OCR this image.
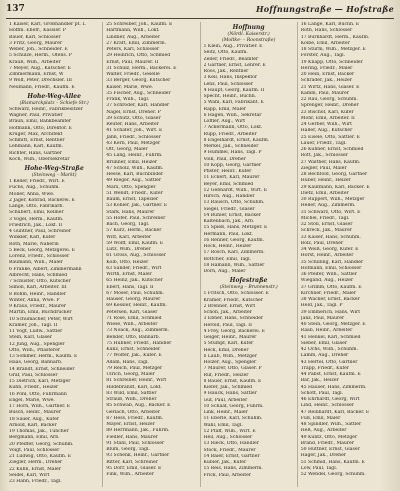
137	Hoffnungstraße — Hofstraße
1 Kaiser, Karl, Großhändler pt. L
Hoffm. Ehefr., Kassier. P
Bauer, Karl, Schlosser
3 Fritz, Georg, Maurer
Weber, Joh., Schneider. E
5 Schulze, Herm., Ofens. P
Krauß, Wilh., Arbeiter
7 Meyer, Aug., Kutscher. E
Zimmermann, Ernst, W
9 Wolf, Peter, Drechsler. III
Neumann, Friedr., Kaufm. E
Hohe-Weg-Allee
(Bismarckplatz – Schiefe-Str.)
Schwarz, Heinr., Fabrikbesitzer
Wagner, Paul, Privatier
Braun, Emil, Bankbeamter
Hofmann, Otto, Direktor. E
Krüger, Max, Architekt
Schmitt, Ernst, Rentner
Lehmann, Karl, Kaufm.
Richter, Hans, Gärtner
Koch, Wilh., Obersekretär
Hohe-Weg-Straße
(Steinweg – Markt)
1 Keller, Friedr., Wirt. E
Fuchs, Aug., Schuhm.
Möller, Anna, Wwe.
2 Jäger, Konrad, Bäckerei. E
Lange, Otto, Fabrikarb.
Schubert, Emil, Kellner
3 Vogel, Herm., Kaufm.
Friedrich, Jak., Lokf. II
4 Günther, Paul, Schreiner
Winkler, Karl, Küfer
Roth, Marie, Näherin
5 Beck, Georg, Metzgerei. E
Lorenz, Friedr., Schlosser
Baumann, Wilh., Maler
6 Franke, Albert, Zimmermann
Albrecht, Hans, Schmied
7 Schuster, Otto, Kutscher
Simon, Karl, Arbeiter. III
8 Böhm, Heinr., Händler
Winter, Anna, Wwe. P
9 Kraus, Friedr., Maurer
Martin, Emil, Buchdrucker
10 Schumacher, Peter, Wirt
Krämer, Joh., Tagl. II
11 Vogt, Ludw., Sattler
Stein, Karl, Glaser
12 Jung, Aug., Spengler
Otto, Wilh., Pflasterer
13 Sommer, Herm., Kaufm. E
Haas, Georg, Bahnarb.
14 Brandt, Ernst, Schneider
Graf, Paul, Schlosser
15 Dietrich, Karl, Metzger
Kühn, Friedr., Heizer
16 Pohl, Otto, Fuhrmann
Engel, Marie, Wwe.
17 Horn, Wilh., Gärtner. E
Busch, Heinr., Maurer
18 Sauer, Aug., Küfer
Arnold, Karl, Bäcker
19 Thomas, Jak., Tüncher
Bergmann, Emil, Arb.
20 Pfeiffer, Georg, Schuhm.
Voigt, Paul, Schlosser
21 Ludwig, Otto, Kaufm. E
Ziegler, Herm., Dreher
22 Kuhn, Ernst, Maler
Seidel, Karl, Wirt
23 Hahn, Friedr., Tagl.
25 Schreiber, Joh., Kaufm. E
Hartmann, Wilh., Lokf.
Lindner, Aug., Arbeiter
27 Kraft, Emil, Zimmerm.
Peters, Karl, Schlosser
29 Heinrich, Otto, Schmied
Ernst, Paul, Maurer. II
31 Schulz, Herm., Bäckerei. E
Walter, Friedr., Geselle
33 Berger, Georg, Kutscher
Kaiser, Marie, Wwe.
35 Fischer, Aug., Schneider
Frank, Wilh., Tagl.
37 Schröder, Karl, Händler
Nagel, Ernst, Dreher. P
39 Schütz, Otto, Glaser
Reuter, Hans, Arbeiter
41 Schäfer, Joh., Wirt. E
Jahn, Friedr., Schlosser
43 Kern, Paul, Metzger
Ott, Georg, Maler
45 Lang, Heinr., Fuhrm.
Brunner, Emil, Heizer
47 Scholz, Wilh., Kaufm.
Hesse, Karl, Buchbinder
49 Rieger, Aug., Sattler
Marx, Otto, Spengler
51 Wendt, Friedr., Küfer
Baum, Ernst, Tapezier
53 Köhler, Jak., Gärtner. E
Stark, Hans, Maurer
55 Hofer, Paul, Schreiner
Bach, Georg, Tagl.
57 Kurz, Herm., Bäcker
Witt, Karl, Arbeiter
59 Wolff, Emil, Kaufm. E
Lutz, Wilh., Dreher
61 Gross, Aug., Schlosser
Kolb, Otto, Heizer
63 Sander, Friedr., Wirt
Wirth, Ernst, Maler
65 Heinz, Jak., Kutscher
Ebert, Hans, Tagl. II
67 Moser, Paul, Schuhm.
Hauser, Georg, Maurer
69 Kessler, Heinr., Kaufm.
Petersen, Karl, Glaser
71 Rose, Emil, Schmied
Wiese, Wilh., Arbeiter
73 Noack, Aug., Zimmerm.
Bender, Otto, Bahnarb.
75 Hübner, Friedr., Händler
Kunz, Ernst, Schneider
77 Wolter, Jak., Küfer. E
Adam, Hans, Tagl.
79 Reich, Paul, Metzger
Ulrich, Georg, Maler
81 Schreiner, Heinr., Wirt
Hildebrandt, Karl, Lokf.
83 Wild, Emil, Sattler
Strauß, Wilh., Dreher
85 Schwab, Aug., Bäcker. E
Gerlach, Otto, Arbeiter
87 Hess, Friedr., Kaufm.
Mayer, Ernst, Heizer
89 Herrmann, Jak., Fuhrm.
Fiedler, Hans, Maurer
91 Stahl, Paul, Schlosser
Blum, Georg, Tagl.
93 Schenk, Heinr., Gärtner
Ritter, Karl, Schreiner
95 Dörr, Emil, Glaser. E
Fink, Wilh., Arbeiter
Hoffnung
(Nördl. Kaiserstr.)
(Moltke- – Roonstraße)
1 Klein, Aug., Privatier. E
Seitz, Otto, Kaufm.
Zeller, Friedr., Beamter
2 Gärtner, Ernst, Lehrer. E
Roos, Jak., Rentner
3 Keil, Hans, Inspektor
Lenz, Paul, Schlosser
4 Haupt, Georg, Kaufm. II
Specht, Heinr., Buchh.
5 Wahl, Karl, Fabrikant. E
Rapp, Emil, Maler
6 Hagen, Wilh., Sekretär
Löffler, Aug., Wirt
7 Ackermann, Otto, Lokf.
Rupp, Friedr., Arbeiter
8 Engelhardt, Ernst, Kaufm.
Merkel, Jak., Schneider
9 Hummel, Hans, Tagl. P
Volk, Paul, Dreher
10 Kopp, Georg, Gärtner
Pfister, Heinr., Küfer
11 Eckert, Karl, Maurer
Beyer, Emil, Schmied
12 Gebhardt, Wilh., Wirt. E
Hirsch, Aug., Händler
13 Rausch, Otto, Schuhm.
Siegel, Friedr., Glaser
14 Bühler, Ernst, Bäcker
Kaltenbach, Jak., Arb.
15 Spieß, Hans, Metzger. E
Hermann, Paul, Lokf.
16 Renner, Georg, Kaufm.
Hock, Heinr., Heizer
17 Rösch, Karl, Zimmerm.
Böttcher, Emil, Tagl.
18 Hamann, Wilh., Sattler
Dorn, Aug., Maler
Hofestraße
(Steinweg – Brunnenstr.)
1 Fritsch, Otto, Schlosser. E
Kramer, Friedr., Kutscher
2 Brenner, Ernst, Wirt
Schön, Jak., Arbeiter
3 Ebner, Hans, Schneider
Herold, Paul, Tagl. II
4 Frey, Georg, Bäckerei. E
Geiger, Heinr., Maurer
5 Stumpf, Karl, Küfer
Heck, Emil, Dreher
6 Laub, Wilh., Metzger
Hölzer, Aug., Spengler
7 Maurer, Otto, Glaser. P
Ruf, Friedr., Heizer
8 Bauer, Ernst, Kaufm. E
Kiefer, Jak., Schmied
9 Hauck, Hans, Sattler
Gut, Paul, Arbeiter
10 Schaaf, Georg, Fuhrm.
Link, Heinr., Maler
11 Eberle, Karl, Schuhm.
Wahl, Emil, Tagl.
12 Pfaff, Wilh., Wirt. E
Heil, Aug., Schlosser
13 Rieck, Otto, Händler
Stock, Friedr., Maurer
14 Baier, Ernst, Gärtner
Kübler, Jak., Küfer
15 Reis, Hans, Zimmerm.
Frick, Paul, Arbeiter
16 Lange, Karl, Buchh. E
Roth, Hans, Schlosser
17 Burkhardt, Herm., Kaufm.
Kolbe, Emil, Arbeiter
18 Sturm, Wilh., Metzger. E
Förster, Aug., Tagl.
19 Knapp, Otto, Schneider
Hering, Friedr., Maler
20 Hein, Ernst, Bäcker
Schrader, Jak., Heizer
21 Wirtz, Hans, Glaser. E
Kamm, Paul, Maurer
22 Rau, Georg, Schuhm.
Sprenger, Heinr., Dreher
23 Bischof, Karl, Küfer
Mohr, Emil, Arbeiter. II
24 Gerber, Wilh., Wirt
Haller, Aug., Kutscher
25 Eisele, Otto, Sattler. E
Lauer, Friedr., Tagl.
26 Kühner, Ernst, Schmied
Rott, Jak., Schlosser
27 Walther, Hans, Kaufm.
Ziegler, Paul, Maler
28 Bechtold, Georg, Gärtner
Huber, Heinr., Heizer
29 Kaufmann, Karl, Bäcker. E
Dietz, Emil, Arbeiter
30 Ruppert, Wilh., Metzger
Heller, Aug., Zimmerm.
31 Schwarz, Otto, Wirt. E
Michel, Friedr., Tagl.
32 Stoll, Ernst, Glaser
Schreck, Jak., Maurer
33 Kaiser, Hans, Schuhm.
Bolz, Paul, Dreher
34 Weiß, Georg, Küfer. E
Horst, Heinr., Arbeiter
35 Schilling, Karl, Händler
Hofmann, Emil, Schlosser
36 Pfeifer, Wilh., Sattler
Wiegand, Aug., Heizer
37 Grimm, Otto, Kaufm. E
Kirchner, Friedr., Maler
38 Wacker, Ernst, Bäcker
Held, Jak., Tagl. P
39 Emmerich, Hans, Wirt
Janz, Paul, Maurer
40 Stein, Georg, Metzger. E
Raab, Heinr., Arbeiter
41 Henkel, Karl, Schmied
Sieber, Emil, Glaser
42 Ochs, Wilh., Schuhm.
Lamm, Aug., Dreher
43 Hertel, Otto, Gärtner
Trapp, Friedr., Küfer
44 Pabst, Ernst, Kaufm. E
Bär, Jak., Heizer
45 Hauser, Hans, Zimmerm.
Schott, Paul, Tagl.
46 Ehrhardt, Georg, Wirt
Lind, Heinr., Schlosser
47 Reinhardt, Karl, Bäcker. E
Fuß, Emil, Maler
48 Spindler, Wilh., Sattler
Heß, Aug., Arbeiter
49 Kuntz, Otto, Metzger
Brand, Friedr., Maurer
50 Hüttner, Ernst, Glaser
Hager, Jak., Dreher
51 Schmid, Hans, Kaufm. E
Löw, Paul, Tagl.
52 Wendel, Georg, Schuhm.
